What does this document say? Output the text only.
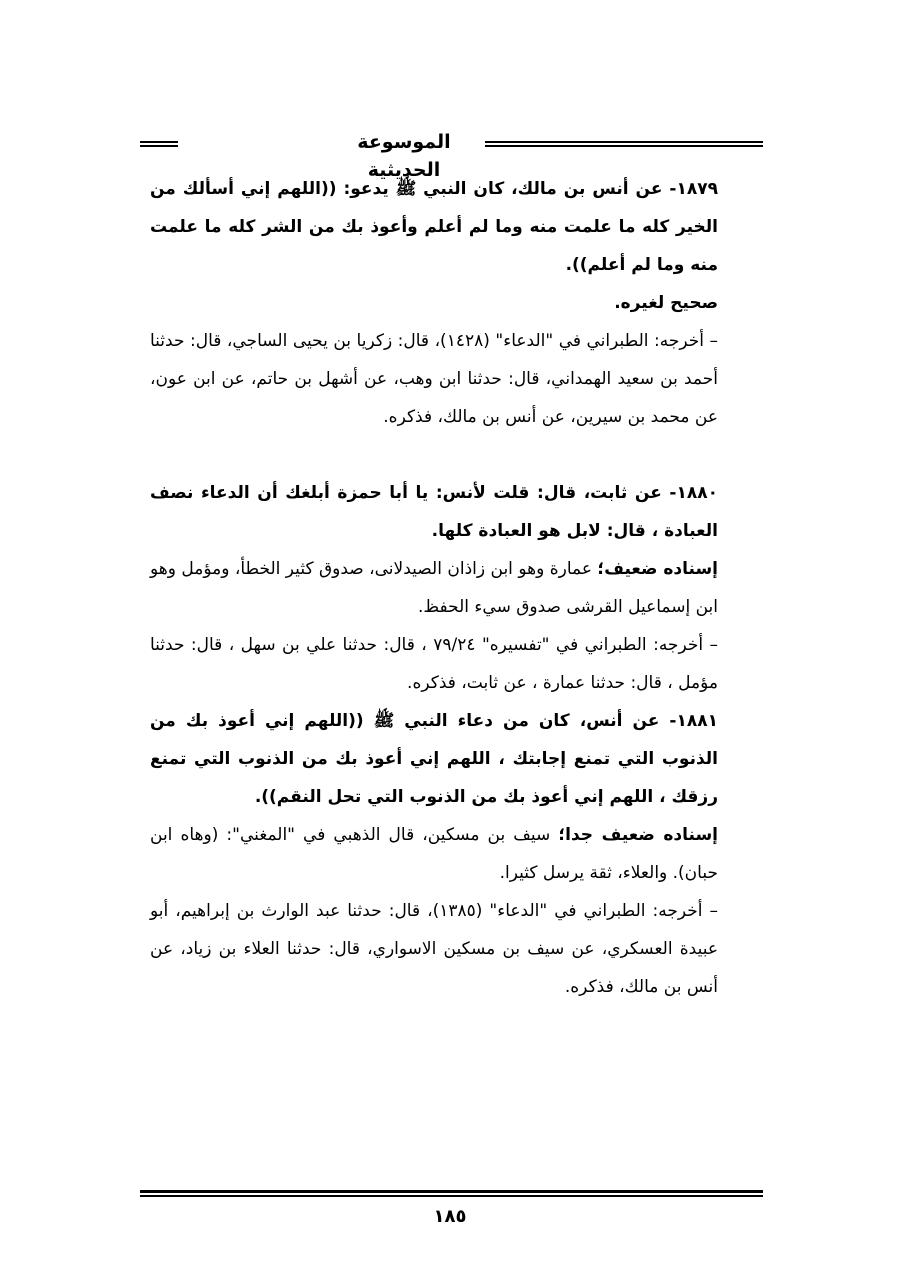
الموسوعة الحديثية

١٨٧٩- عن أنس بن مالك، كان النبي ﷺ يدعو: ((اللهم إني أسألك من الخير كله ما علمت منه وما لم أعلم وأعوذ بك من الشر كله ما علمت منه وما لم أعلم)).

صحيح لغيره.

– أخرجه: الطبراني في "الدعاء" (١٤٢٨)، قال: زكريا بن يحيى الساجي، قال: حدثنا أحمد بن سعيد الهمداني، قال: حدثنا ابن وهب، عن أشهل بن حاتم، عن ابن عون، عن محمد بن سيرين، عن أنس بن مالك، فذكره.

١٨٨٠- عن ثابت، قال: قلت لأنس: يا أبا حمزة أبلغك أن الدعاء نصف العبادة ، قال: لابل هو العبادة كلها.

إسناده ضعيف؛ عمارة وهو ابن زاذان الصيدلانى، صدوق كثير الخطأ، ومؤمل وهو ابن إسماعيل القرشى صدوق سيء الحفظ.

– أخرجه: الطبراني في "تفسيره" ٧٩/٢٤ ، قال: حدثنا علي بن سهل ، قال: حدثنا مؤمل ، قال: حدثنا عمارة ، عن ثابت، فذكره.

١٨٨١- عن أنس، كان من دعاء النبي ﷺ ((اللهم إني أعوذ بك من الذنوب التي تمنع إجابتك ، اللهم إني أعوذ بك من الذنوب التي تمنع رزقك ، اللهم إني أعوذ بك من الذنوب التي تحل النقم)).

إسناده ضعيف جدا؛ سيف بن مسكين، قال الذهبي في "المغني": (وهاه ابن حبان). والعلاء، ثقة يرسل كثيرا.

– أخرجه: الطبراني في "الدعاء" (١٣٨٥)، قال: حدثنا عبد الوارث بن إبراهيم، أبو عبيدة العسكري، عن سيف بن مسكين الاسواري، قال: حدثنا العلاء بن زياد، عن أنس بن مالك، فذكره.

١٨٥
